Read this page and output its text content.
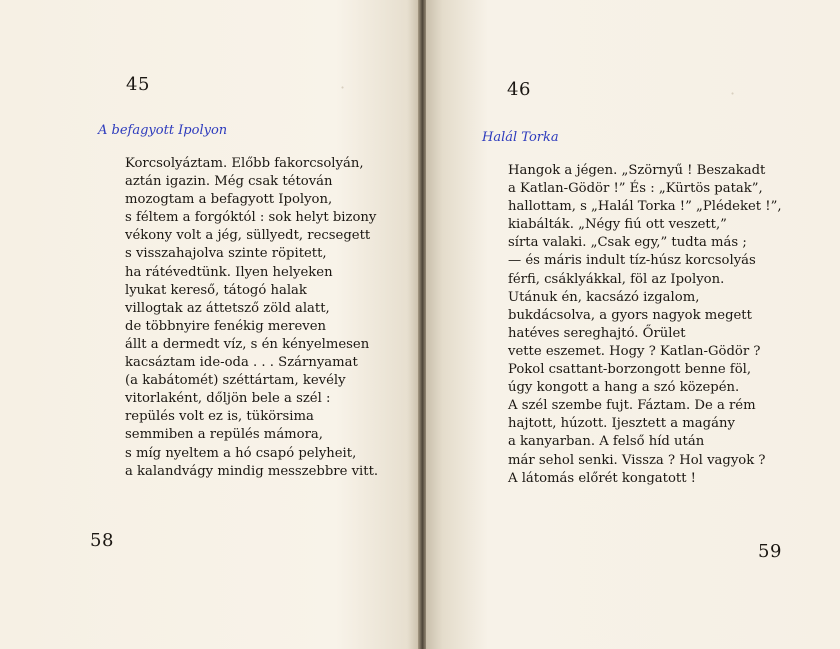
·
45
A befagyott Ipolyon
Korcsolyáztam. Előbb fakorcsolyán,
aztán igazin. Még csak tétován
mozogtam a befagyott Ipolyon,
s féltem a forgóktól : sok helyt bizony
vékony volt a jég, süllyedt, recsegett
s visszahajolva szinte röpitett,
ha rátévedtünk. Ilyen helyeken
lyukat kereső, tátogó halak
villogtak az áttetsző zöld alatt,
de többnyire fenékig mereven
állt a dermedt víz, s én kényelmesen
kacsáztam ide-oda . . . Szárnyamat
(a kabátomét) széttártam, kevély
vitorlaként, dőljön bele a szél :
repülés volt ez is, tükörsima
semmiben a repülés mámora,
s míg nyeltem a hó csapó pelyheit,
a kalandvágy mindig messzebbre vitt.
58
·
46
Halál Torka
Hangok a jégen. „Szörnyű ! Beszakadt
a Katlan-Gödör !” És : „Kürtös patak”,
hallottam, s „Halál Torka !” „Plédeket !”,
kiabálták. „Négy fiú ott veszett,”
sírta valaki. „Csak egy,” tudta más ;
— és máris indult tíz-húsz korcsolyás
férfi, csáklyákkal, föl az Ipolyon.
Utánuk én, kacsázó izgalom,
bukdácsolva, a gyors nagyok megett
hatéves sereghajtó. Őrület
vette eszemet. Hogy ? Katlan-Gödör ?
Pokol csattant-borzongott benne föl,
úgy kongott a hang a szó közepén.
A szél szembe fujt. Fáztam. De a rém
hajtott, húzott. Ijesztett a magány
a kanyarban. A felső híd után
már sehol senki. Vissza ? Hol vagyok ?
A látomás előrét kongatott !
59
